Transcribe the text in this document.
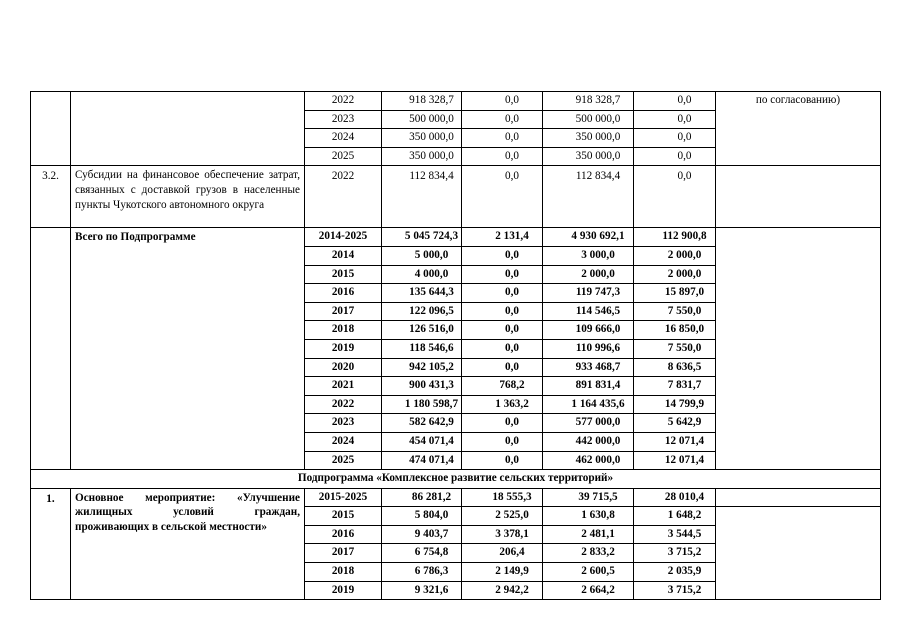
		2022	918 328,7	0,0	918 328,7	0,0	по согласованию)
		2023	500 000,0	0,0	500 000,0	0,0	
		2024	350 000,0	0,0	350 000,0	0,0	
		2025	350 000,0	0,0	350 000,0	0,0	
3.2.	Субсидии на финансовое обеспечение затрат, связанных с доставкой грузов в населенные пункты Чукотского автономного округа	2022	112 834,4	0,0	112 834,4	0,0	
	Всего по Подпрограмме	2014-2025	5 045 724,3	2 131,4	4 930 692,1	112 900,8	
		2014	5 000,0	0,0	3 000,0	2 000,0	
		2015	4 000,0	0,0	2 000,0	2 000,0	
		2016	135 644,3	0,0	119 747,3	15 897,0	
		2017	122 096,5	0,0	114 546,5	7 550,0	
		2018	126 516,0	0,0	109 666,0	16 850,0	
		2019	118 546,6	0,0	110 996,6	7 550,0	
		2020	942 105,2	0,0	933 468,7	8 636,5	
		2021	900 431,3	768,2	891 831,4	7 831,7	
		2022	1 180 598,7	1 363,2	1 164 435,6	14 799,9	
		2023	582 642,9	0,0	577 000,0	5 642,9	
		2024	454 071,4	0,0	442 000,0	12 071,4	
		2025	474 071,4	0,0	462 000,0	12 071,4	
Подпрограмма «Комплексное развитие сельских территорий»							
1.	Основное мероприятие: «Улучшение жилищных условий граждан, проживающих в сельской местности»	2015-2025	86 281,2	18 555,3	39 715,5	28 010,4	
		2015	5 804,0	2 525,0	1 630,8	1 648,2	
		2016	9 403,7	3 378,1	2 481,1	3 544,5	
		2017	6 754,8	206,4	2 833,2	3 715,2	
		2018	6 786,3	2 149,9	2 600,5	2 035,9	
		2019	9 321,6	2 942,2	2 664,2	3 715,2	
